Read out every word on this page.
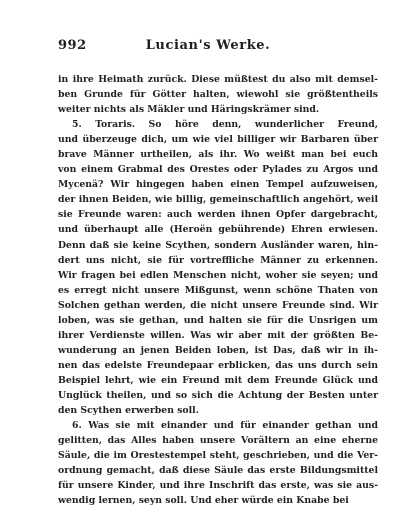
992	Lucian's Werke.
in ihre Heimath zurück. Diese müßtest du also mit demsel-
ben Grunde für Götter halten, wiewohl sie größtentheils
weiter nichts als Mäkler und Häringskrämer sind.
5. Toraris. So höre denn, wunderlicher Freund,
und überzeuge dich, um wie viel billiger wir Barbaren über
brave Männer urtheilen, als ihr. Wo weißt man bei euch
von einem Grabmal des Orestes oder Pylades zu Argos und
Mycenä? Wir hingegen haben einen Tempel aufzuweisen,
der ihnen Beiden, wie billig, gemeinschaftlich angehört, weil
sie Freunde waren: auch werden ihnen Opfer dargebracht,
und überhaupt alle (Heroën gebührende) Ehren erwiesen.
Denn daß sie keine Scythen, sondern Ausländer waren, hin-
dert uns nicht, sie für vortreffliche Männer zu erkennen.
Wir fragen bei edlen Menschen nicht, woher sie seyen; und
es erregt nicht unsere Mißgunst, wenn schöne Thaten von
Solchen gethan werden, die nicht unsere Freunde sind. Wir
loben, was sie gethan, und halten sie für die Unsrigen um
ihrer Verdienste willen. Was wir aber mit der größten Be-
wunderung an jenen Beiden loben, ist Das, daß wir in ih-
nen das edelste Freundepaar erblicken, das uns durch sein
Beispiel lehrt, wie ein Freund mit dem Freunde Glück und
Unglück theilen, und so sich die Achtung der Besten unter
den Scythen erwerben soll.
6. Was sie mit einander und für einander gethan und
gelitten, das Alles haben unsere Vorältern an eine eherne
Säule, die im Orestestempel steht, geschrieben, und die Ver-
ordnung gemacht, daß diese Säule das erste Bildungsmittel
für unsere Kinder, und ihre Inschrift das erste, was sie aus-
wendig lernen, seyn soll. Und eher würde ein Knabe bei
